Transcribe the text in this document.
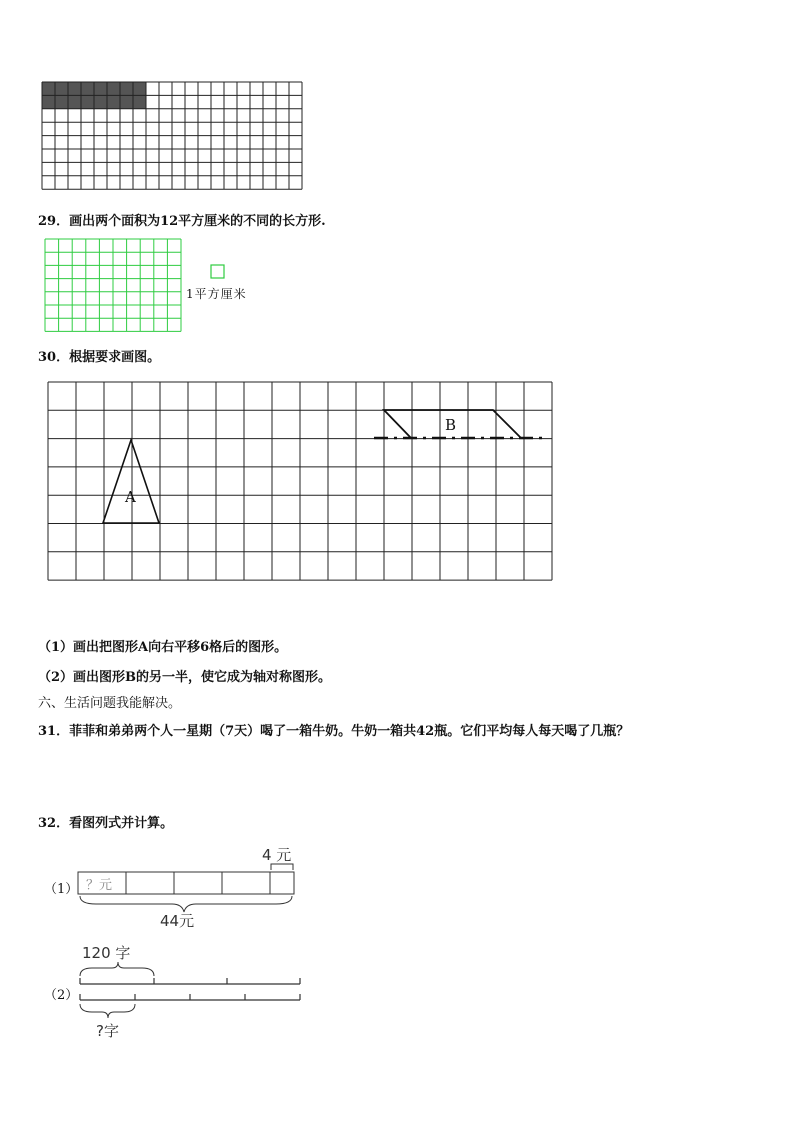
29．画出两个面积为12平方厘米的不同的长方形.
1平方厘米
30．根据要求画图。
A
B
（1）画出把图形A向右平移6格后的图形。
（2）画出图形B的另一半，使它成为轴对称图形。
六、生活问题我能解决。
31．菲菲和弟弟两个人一星期（7天）喝了一箱牛奶。牛奶一箱共42瓶。它们平均每人每天喝了几瓶？
32．看图列式并计算。
（1） ？元
4 元
44元
（2）
120 字
?字
